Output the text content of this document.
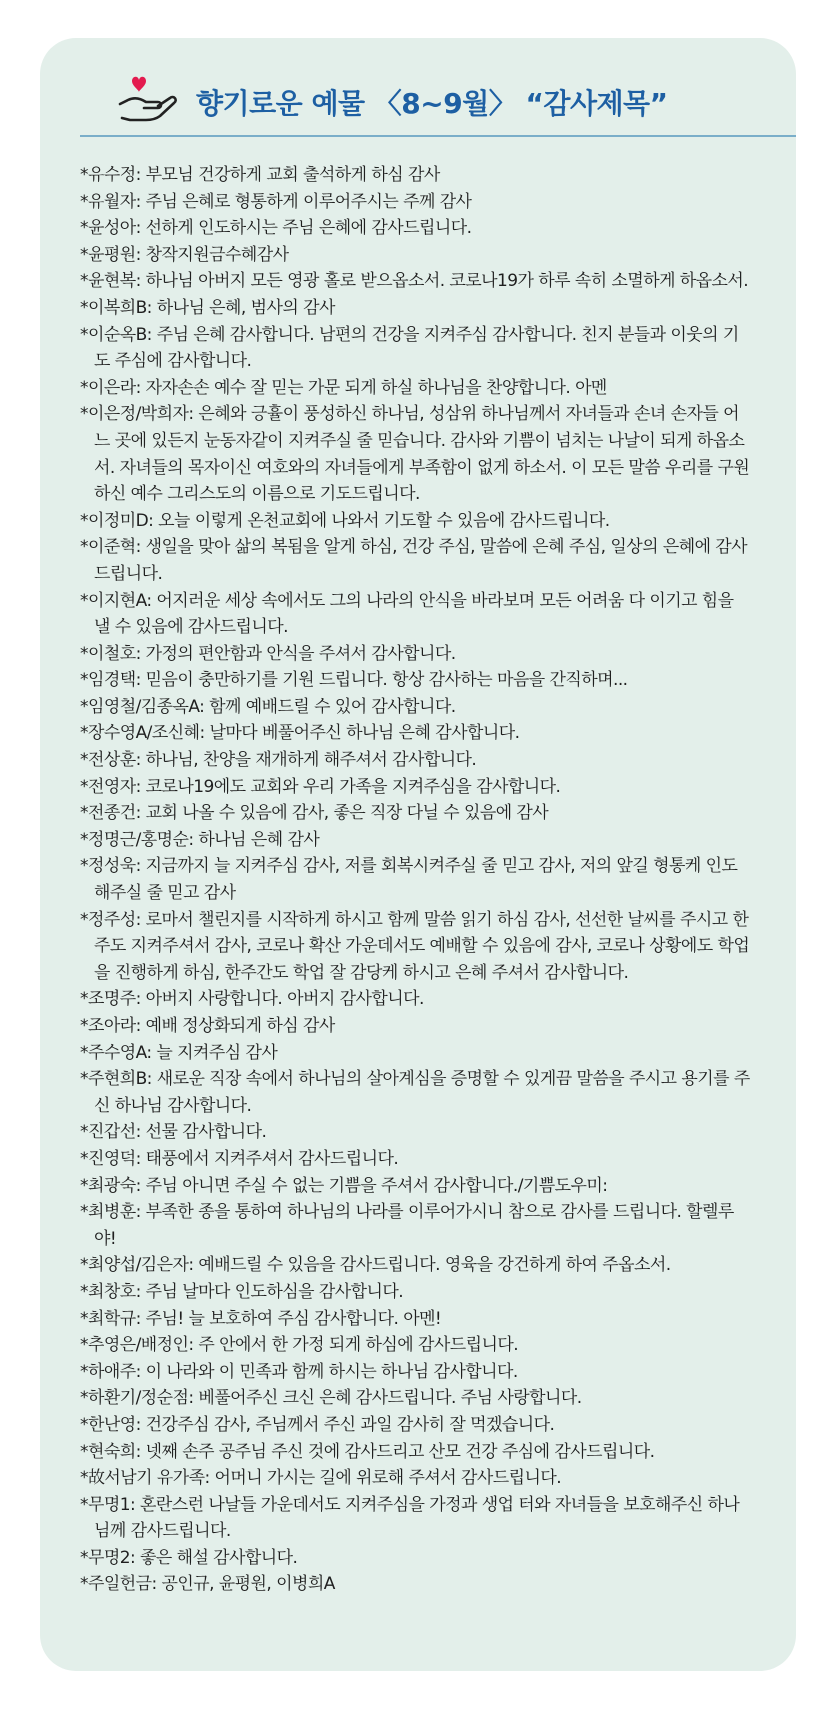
향기로운 예물 〈8~9월〉 “감사제목”
*유수정: 부모님 건강하게 교회 출석하게 하심 감사
*유월자: 주님 은혜로 형통하게 이루어주시는 주께 감사
*윤성아: 선하게 인도하시는 주님 은혜에 감사드립니다.
*윤평원: 창작지원금수혜감사
*윤현복: 하나님 아버지 모든 영광 홀로 받으옵소서. 코로나19가 하루 속히 소멸하게 하옵소서.
*이복희B: 하나님 은혜, 범사의 감사
*이순옥B: 주님 은혜 감사합니다. 남편의 건강을 지켜주심 감사합니다. 친지 분들과 이웃의 기도 주심에 감사합니다.
*이은라: 자자손손 예수 잘 믿는 가문 되게 하실 하나님을 찬양합니다. 아멘
*이은정/박희자: 은혜와 긍휼이 풍성하신 하나님, 성삼위 하나님께서 자녀들과 손녀 손자들 어느 곳에 있든지 눈동자같이 지켜주실 줄 믿습니다. 감사와 기쁨이 넘치는 나날이 되게 하옵소서. 자녀들의 목자이신 여호와의 자녀들에게 부족함이 없게 하소서. 이 모든 말씀 우리를 구원하신 예수 그리스도의 이름으로 기도드립니다.
*이정미D: 오늘 이렇게 온천교회에 나와서 기도할 수 있음에 감사드립니다.
*이준혁: 생일을 맞아 삶의 복됨을 알게 하심, 건강 주심, 말씀에 은혜 주심, 일상의 은혜에 감사드립니다.
*이지현A: 어지러운 세상 속에서도 그의 나라의 안식을 바라보며 모든 어려움 다 이기고 힘을 낼 수 있음에 감사드립니다.
*이철호: 가정의 편안함과 안식을 주셔서 감사합니다.
*임경택: 믿음이 충만하기를 기원 드립니다. 항상 감사하는 마음을 간직하며...
*임영철/김종옥A: 함께 예배드릴 수 있어 감사합니다.
*장수영A/조신혜: 날마다 베풀어주신 하나님 은혜 감사합니다.
*전상훈: 하나님, 찬양을 재개하게 해주셔서 감사합니다.
*전영자: 코로나19에도 교회와 우리 가족을 지켜주심을 감사합니다.
*전종건: 교회 나올 수 있음에 감사, 좋은 직장 다닐 수 있음에 감사
*정명근/홍명순: 하나님 은혜 감사
*정성욱: 지금까지 늘 지켜주심 감사, 저를 회복시켜주실 줄 믿고 감사, 저의 앞길 형통케 인도해주실 줄 믿고 감사
*정주성: 로마서 챌린지를 시작하게 하시고 함께 말씀 읽기 하심 감사, 선선한 날씨를 주시고 한주도 지켜주셔서 감사, 코로나 확산 가운데서도 예배할 수 있음에 감사, 코로나 상황에도 학업을 진행하게 하심, 한주간도 학업 잘 감당케 하시고 은혜 주셔서 감사합니다.
*조명주: 아버지 사랑합니다. 아버지 감사합니다.
*조아라: 예배 정상화되게 하심 감사
*주수영A: 늘 지켜주심 감사
*주현희B: 새로운 직장 속에서 하나님의 살아계심을 증명할 수 있게끔 말씀을 주시고 용기를 주신 하나님 감사합니다.
*진갑선: 선물 감사합니다.
*진영덕: 태풍에서 지켜주셔서 감사드립니다.
*최광숙: 주님 아니면 주실 수 없는 기쁨을 주셔서 감사합니다./기쁨도우미:
*최병훈: 부족한 종을 통하여 하나님의 나라를 이루어가시니 참으로 감사를 드립니다. 할렐루야!
*최양섭/김은자: 예배드릴 수 있음을 감사드립니다. 영육을 강건하게 하여 주옵소서.
*최창호: 주님 날마다 인도하심을 감사합니다.
*최학규: 주님! 늘 보호하여 주심 감사합니다. 아멘!
*추영은/배정인: 주 안에서 한 가정 되게 하심에 감사드립니다.
*하애주: 이 나라와 이 민족과 함께 하시는 하나님 감사합니다.
*하환기/정순점: 베풀어주신 크신 은혜 감사드립니다. 주님 사랑합니다.
*한난영: 건강주심 감사, 주님께서 주신 과일 감사히 잘 먹겠습니다.
*현숙희: 넷째 손주 공주님 주신 것에 감사드리고 산모 건강 주심에 감사드립니다.
*故서남기 유가족: 어머니 가시는 길에 위로해 주셔서 감사드립니다.
*무명1: 혼란스런 나날들 가운데서도 지켜주심을 가정과 생업 터와 자녀들을 보호해주신 하나님께 감사드립니다.
*무명2: 좋은 해설 감사합니다.
*주일헌금: 공인규, 윤평원, 이병희A
